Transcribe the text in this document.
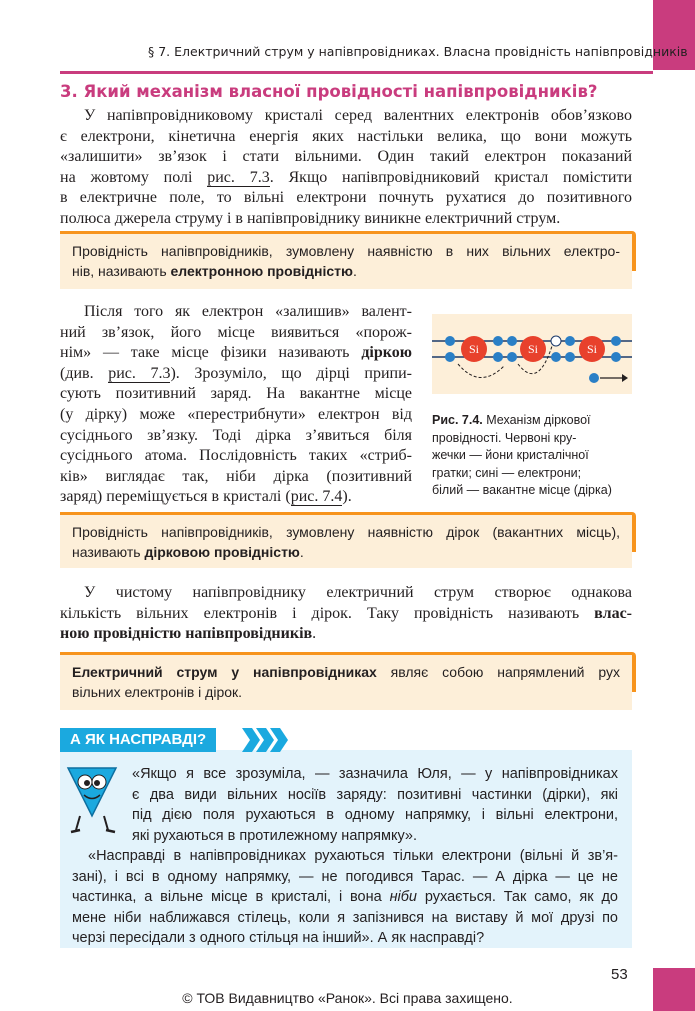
§ 7. Електричний струм у напівпровідниках. Власна провідність напівпровідників
3. Який механізм власної провідності напівпровідників?
У напівпровідниковому кристалі серед валентних електронів обов’язково
є електрони, кінетична енергія яких настільки велика, що вони можуть
«залишити» зв’язок і стати вільними. Один такий електрон показаний
на жовтому полі рис. 7.3. Якщо напівпровідниковий кристал помістити
в електричне поле, то вільні електрони почнуть рухатися до позитивного
полюса джерела струму і в напівпровіднику виникне електричний струм.
Провідність напівпровідників, зумовлену наявністю в них вільних електро-
нів, називають електронною провідністю.
Після того як електрон «залишив» валент-
ний зв’язок, його місце виявиться «порож-
нім» — таке місце фізики називають діркою
(див. рис. 7.3). Зрозуміло, що дірці припи-
сують позитивний заряд. На вакантне місце
(у дірку) може «перестрибнути» електрон від
сусіднього зв’язку. Тоді дірка з’явиться біля
сусіднього атома. Послідовність таких «стриб-
ків» виглядає так, ніби дірка (позитивний
заряд) переміщується в кристалі (рис. 7.4).
Si	Si	Si
Рис. 7.4. Механізм діркової
провідності. Червоні кру-
жечки — йони кристалічної
гратки; сині — електрони;
білий — вакантне місце (дірка)
Провідність напівпровідників, зумовлену наявністю дірок (вакантних місць),
називають дірковою провідністю.
У чистому напівпровіднику електричний струм створює однакова
кількість вільних електронів і дірок. Таку провідність називають влас-
ною провідністю напівпровідників.
Електричний струм у напівпровідниках являє собою напрямлений рух
вільних електронів і дірок.
А ЯК НАСПРАВДІ?
«Якщо я все зрозуміла, — зазначила Юля, — у напівпровідниках
є два види вільних носіїв заряду: позитивні частинки (дірки), які
під дією поля рухаються в одному напрямку, і вільні електрони,
які рухаються в протилежному напрямку».
«Насправді в напівпровідниках рухаються тільки електрони (вільні й зв’я-
зані), і всі в одному напрямку, — не погодився Тарас. — А дірка — це не
частинка, а вільне місце в кристалі, і вона ніби рухається. Так само, як до
мене ніби наближався стілець, коли я запізнився на виставу й мої друзі по
черзі пересідали з одного стільця на інший». А як насправді?
53
© ТОВ Видавництво «Ранок». Всі права захищено.
